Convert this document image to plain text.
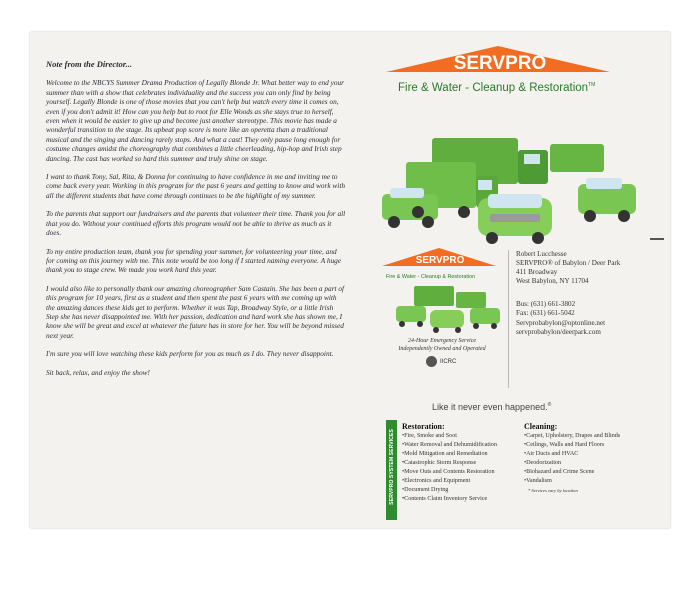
Note from the Director...

Welcome to the NBCYS Summer Drama Production of Legally Blonde Jr. What better way to end your summer than with a show that celebrates individuality and the success you can only find by being yourself. Legally Blonde is one of those movies that you can't help but watch every time it comes on, even if you don't admit it! How can you help but to root for Elle Woods as she stays true to herself, even when it would be easier to give up and become just another stereotype. This movie has made a wonderful transition to the stage. Its upbeat pop score is more like an operetta than a traditional musical and the singing and dancing rarely stops. And what a cast! They only pause long enough for costume changes amidst the choreography that combines a little cheerleading, hip-hop and Irish step dancing. The cast has worked so hard this summer and truly shine on stage.

I want to thank Tony, Sal, Rita, & Donna for continuing to have confidence in me and inviting me to come back every year. Working in this program for the past 6 years and getting to know and work with all the different students that have come through continues to be the highlight of my summer.

To the parents that support our fundraisers and the parents that volunteer their time. Thank you for all that you do. Without your continued efforts this program would not be able to thrive as much as it does.

To my entire production team, thank you for spending your summer, for volunteering your time, and for coming on this journey with me. This note would be too long if I started naming everyone. A huge thank you to stage crew. We made you work hard this year.

I would also like to personally thank our amazing choreographer Sam Castain. She has been a part of this program for 10 years, first as a student and then spent the past 6 years with me coming up with the amazing dances these kids get to perform. Whether it was Tap, Broadway Style, or a little Irish Step she has never disappointed me. With her passion, dedication and hard work she has shown me, I know she will be great and excel at whatever the future has in store for her. You will be beyond missed next year.

I'm sure you will love watching these kids perform for you as much as I do. They never disappoint.

Sit back, relax, and enjoy the show!

SERVPRO ®
Fire & Water - Cleanup & Restoration™
SERVPRO
Fire & Water - Cleanup & Restoration
24-Hour Emergency Service
Independently Owned and Operated
IICRC
Robert Lucchesse
SERVPRO® of Babylon / Deer Park
411 Broadway
West Babylon, NY 11704
Bus: (631) 661-3802
Fax: (631) 661-5042
Servprobabylon@optonline.net
servprobabylon/deerpark.com
Like it never even happened.®
SERVPRO SYSTEM SERVICES
Restoration:
• Fire, Smoke and Soot
• Water Removal and Dehumidification
• Mold Mitigation and Remediation
• Catastrophic Storm Response
• Move Outs and Contents Restoration
• Electronics and Equipment
• Document Drying
• Contents Claim Inventory Service
Cleaning:
• Carpet, Upholstery, Drapes and Blinds
• Ceilings, Walls and Hard Floors
• Air Ducts and HVAC
• Deodorization
• Biohazard and Crime Scene
• Vandalism
* Services vary by location
